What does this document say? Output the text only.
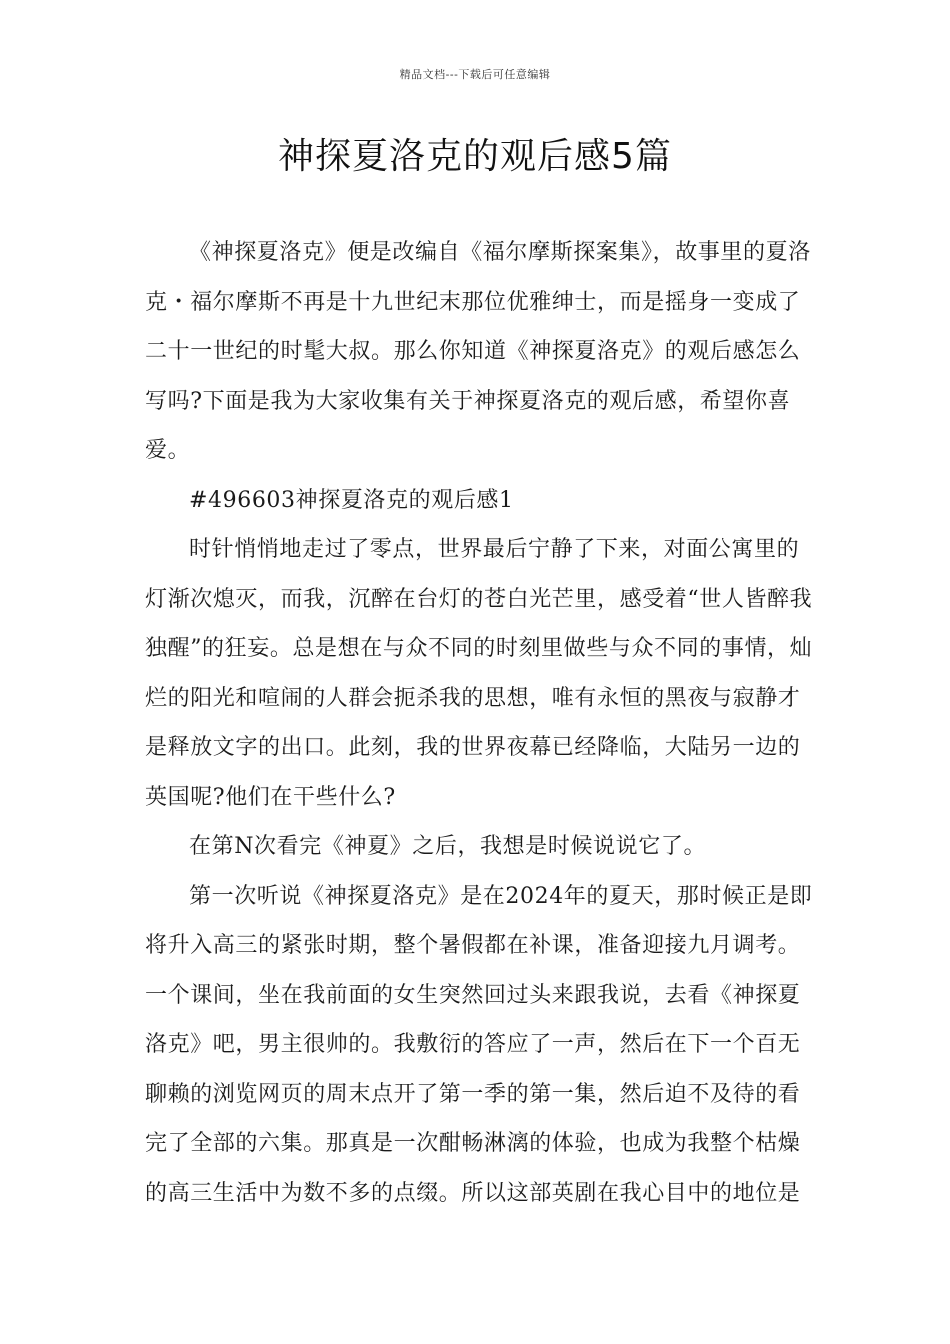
精品文档---下载后可任意编辑
神探夏洛克的观后感5篇

《神探夏洛克》便是改编自《福尔摩斯探案集》，故事里的夏洛克・福尔摩斯不再是十九世纪末那位优雅绅士，而是摇身一变成了二十一世纪的时髦大叔。那么你知道《神探夏洛克》的观后感怎么写吗?下面是我为大家收集有关于神探夏洛克的观后感，希望你喜爱。

#496603神探夏洛克的观后感1

时针悄悄地走过了零点，世界最后宁静了下来，对面公寓里的灯渐次熄灭，而我，沉醉在台灯的苍白光芒里，感受着“世人皆醉我独醒”的狂妄。总是想在与众不同的时刻里做些与众不同的事情，灿烂的阳光和喧闹的人群会扼杀我的思想，唯有永恒的黑夜与寂静才是释放文字的出口。此刻，我的世界夜幕已经降临，大陆另一边的英国呢?他们在干些什么?

在第N次看完《神夏》之后，我想是时候说说它了。

第一次听说《神探夏洛克》是在2024年的夏天，那时候正是即将升入高三的紧张时期，整个暑假都在补课，准备迎接九月调考。一个课间，坐在我前面的女生突然回过头来跟我说，去看《神探夏洛克》吧，男主很帅的。我敷衍的答应了一声，然后在下一个百无聊赖的浏览网页的周末点开了第一季的第一集，然后迫不及待的看完了全部的六集。那真是一次酣畅淋漓的体验，也成为我整个枯燥的高三生活中为数不多的点缀。所以这部英剧在我心目中的地位是
